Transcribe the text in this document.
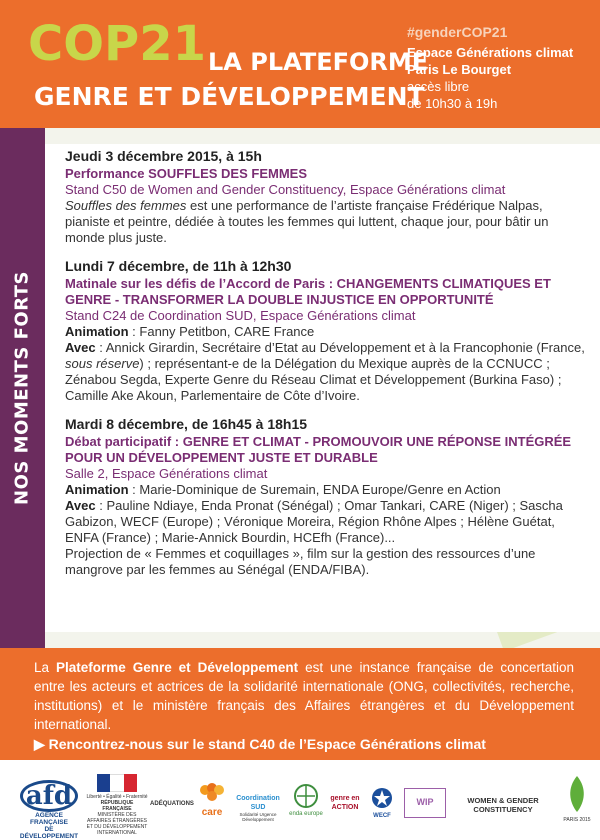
COP21 LA PLATEFORME
GENRE ET DÉVELOPPEMENT
#genderCOP21
Espace Générations climat
Paris Le Bourget
accès libre
de 10h30 à 19h
NOS MOMENTS FORTS
Jeudi 3 décembre 2015, à 15h
Performance SOUFFLES DES FEMMES
Stand C50 de Women and Gender Constituency, Espace Générations climat
Souffles des femmes est une performance de l’artiste française Frédérique Nalpas, pianiste et peintre, dédiée à toutes les femmes qui luttent, chaque jour, pour bâtir un monde plus juste.
Lundi 7 décembre, de 11h à 12h30
Matinale sur les défis de l’Accord de Paris : CHANGEMENTS CLIMATIQUES ET GENRE - TRANSFORMER LA DOUBLE INJUSTICE EN OPPORTUNITÉ
Stand C24 de Coordination SUD, Espace Générations climat
Animation : Fanny Petitbon, CARE France
Avec : Annick Girardin, Secrétaire d’Etat au Développement et à la Francophonie (France, sous réserve) ; représentant-e de la Délégation du Mexique auprès de la CCNUCC ; Zénabou Segda, Experte Genre du Réseau Climat et Développement (Burkina Faso) ; Camille Ake Akoun, Parlementaire de Côte d’Ivoire.
Mardi 8 décembre, de 16h45 à 18h15
Débat participatif : GENRE ET CLIMAT - PROMOUVOIR UNE RÉPONSE INTÉGRÉE POUR UN DÉVELOPPEMENT JUSTE ET DURABLE
Salle 2, Espace Générations climat
Animation : Marie-Dominique de Suremain, ENDA Europe/Genre en Action
Avec : Pauline Ndiaye, Enda Pronat (Sénégal) ; Omar Tankari, CARE (Niger) ; Sascha Gabizon, WECF (Europe) ; Véronique Moreira, Région Rhône Alpes ; Hélène Guétat, ENFA (France) ; Marie-Annick Bourdin, HCEfh (France)...
Projection de « Femmes et coquillages », film sur la gestion des ressources d’une mangrove par les femmes au Sénégal (ENDA/FIBA).
La Plateforme Genre et Développement est une instance française de concertation entre les acteurs et actrices de la solidarité internationale (ONG, collectivités, recherche, institutions) et le ministère français des Affaires étrangères et du Développement international.
▶ Rencontrez-nous sur le stand C40 de l’Espace Générations climat
afd
AGENCE FRANÇAISE
DE DÉVELOPPEMENT
Liberté • Égalité • Fraternité
RÉPUBLIQUE FRANÇAISE
MINISTÈRE DES AFFAIRES ÉTRANGÈRES ET DU DÉVELOPPEMENT INTERNATIONAL
ADÉQUATIONS
care
Coordination SUD
Solidarité Urgence Développement
enda europe
genre en ACTION
WECF
WIP	WOMEN & GENDER CONSTITUENCY
PARIS 2015
